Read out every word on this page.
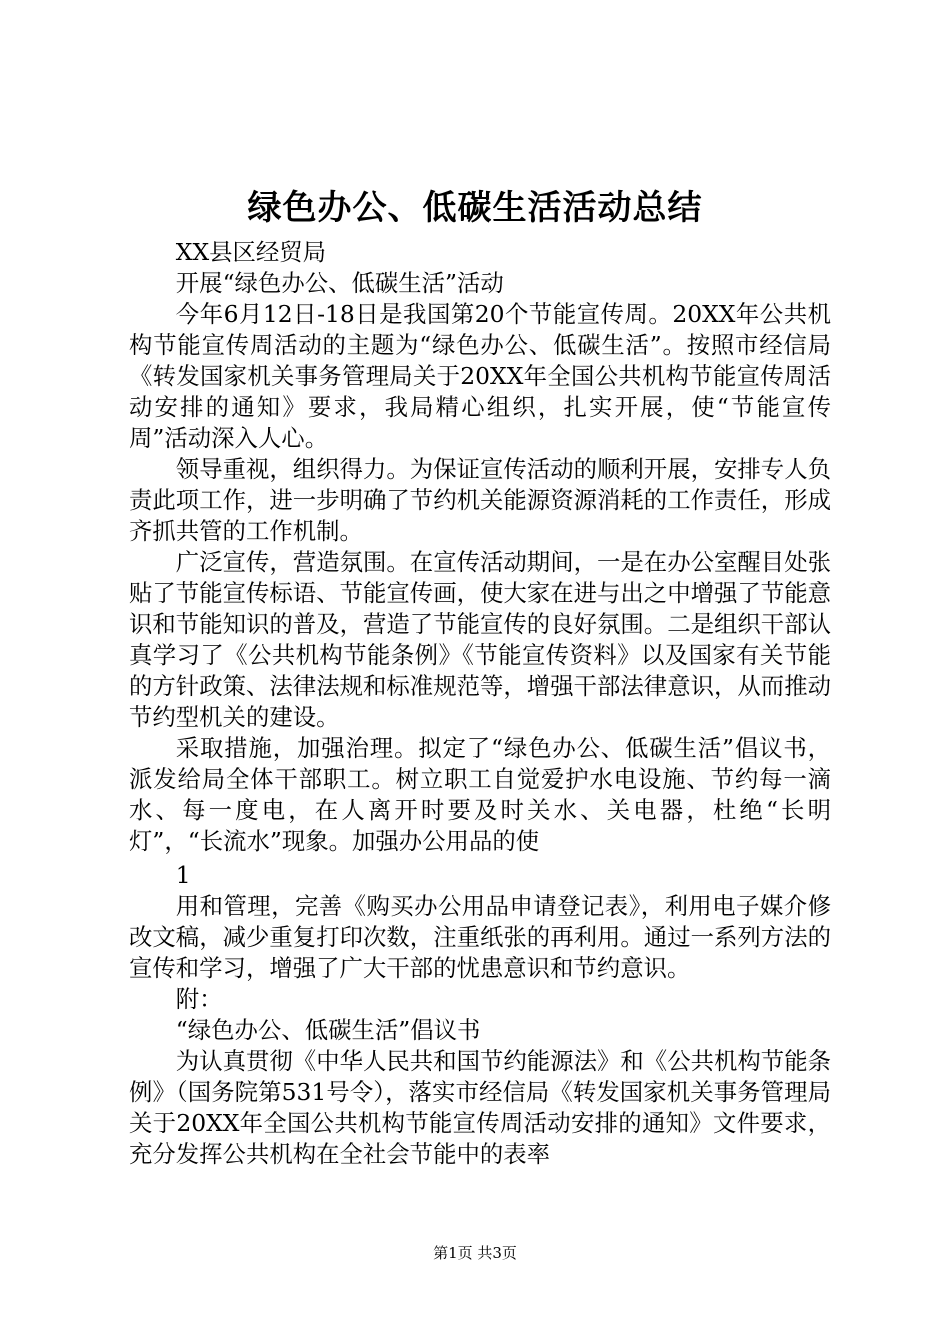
绿色办公、低碳生活活动总结

XX县区经贸局

开展“绿色办公、低碳生活”活动

今年6月12日-18日是我国第20个节能宣传周。20XX年公共机构节能宣传周活动的主题为“绿色办公、低碳生活”。按照市经信局《转发国家机关事务管理局关于20XX年全国公共机构节能宣传周活动安排的通知》要求，我局精心组织，扎实开展，使“节能宣传周”活动深入人心。

领导重视，组织得力。为保证宣传活动的顺利开展，安排专人负责此项工作，进一步明确了节约机关能源资源消耗的工作责任，形成齐抓共管的工作机制。

广泛宣传，营造氛围。在宣传活动期间，一是在办公室醒目处张贴了节能宣传标语、节能宣传画，使大家在进与出之中增强了节能意识和节能知识的普及，营造了节能宣传的良好氛围。二是组织干部认真学习了《公共机构节能条例》《节能宣传资料》以及国家有关节能的方针政策、法律法规和标准规范等，增强干部法律意识，从而推动节约型机关的建设。

采取措施，加强治理。拟定了“绿色办公、低碳生活”倡议书，派发给局全体干部职工。树立职工自觉爱护水电设施、节约每一滴水、每一度电，在人离开时要及时关水、关电器，杜绝“长明灯”，“长流水”现象。加强办公用品的使

1

用和管理，完善《购买办公用品申请登记表》，利用电子媒介修改文稿，减少重复打印次数，注重纸张的再利用。通过一系列方法的宣传和学习，增强了广大干部的忧患意识和节约意识。

附：

“绿色办公、低碳生活”倡议书

为认真贯彻《中华人民共和国节约能源法》和《公共机构节能条例》（国务院第531号令），落实市经信局《转发国家机关事务管理局关于20XX年全国公共机构节能宣传周活动安排的通知》文件要求，充分发挥公共机构在全社会节能中的表率

第1页 共3页
